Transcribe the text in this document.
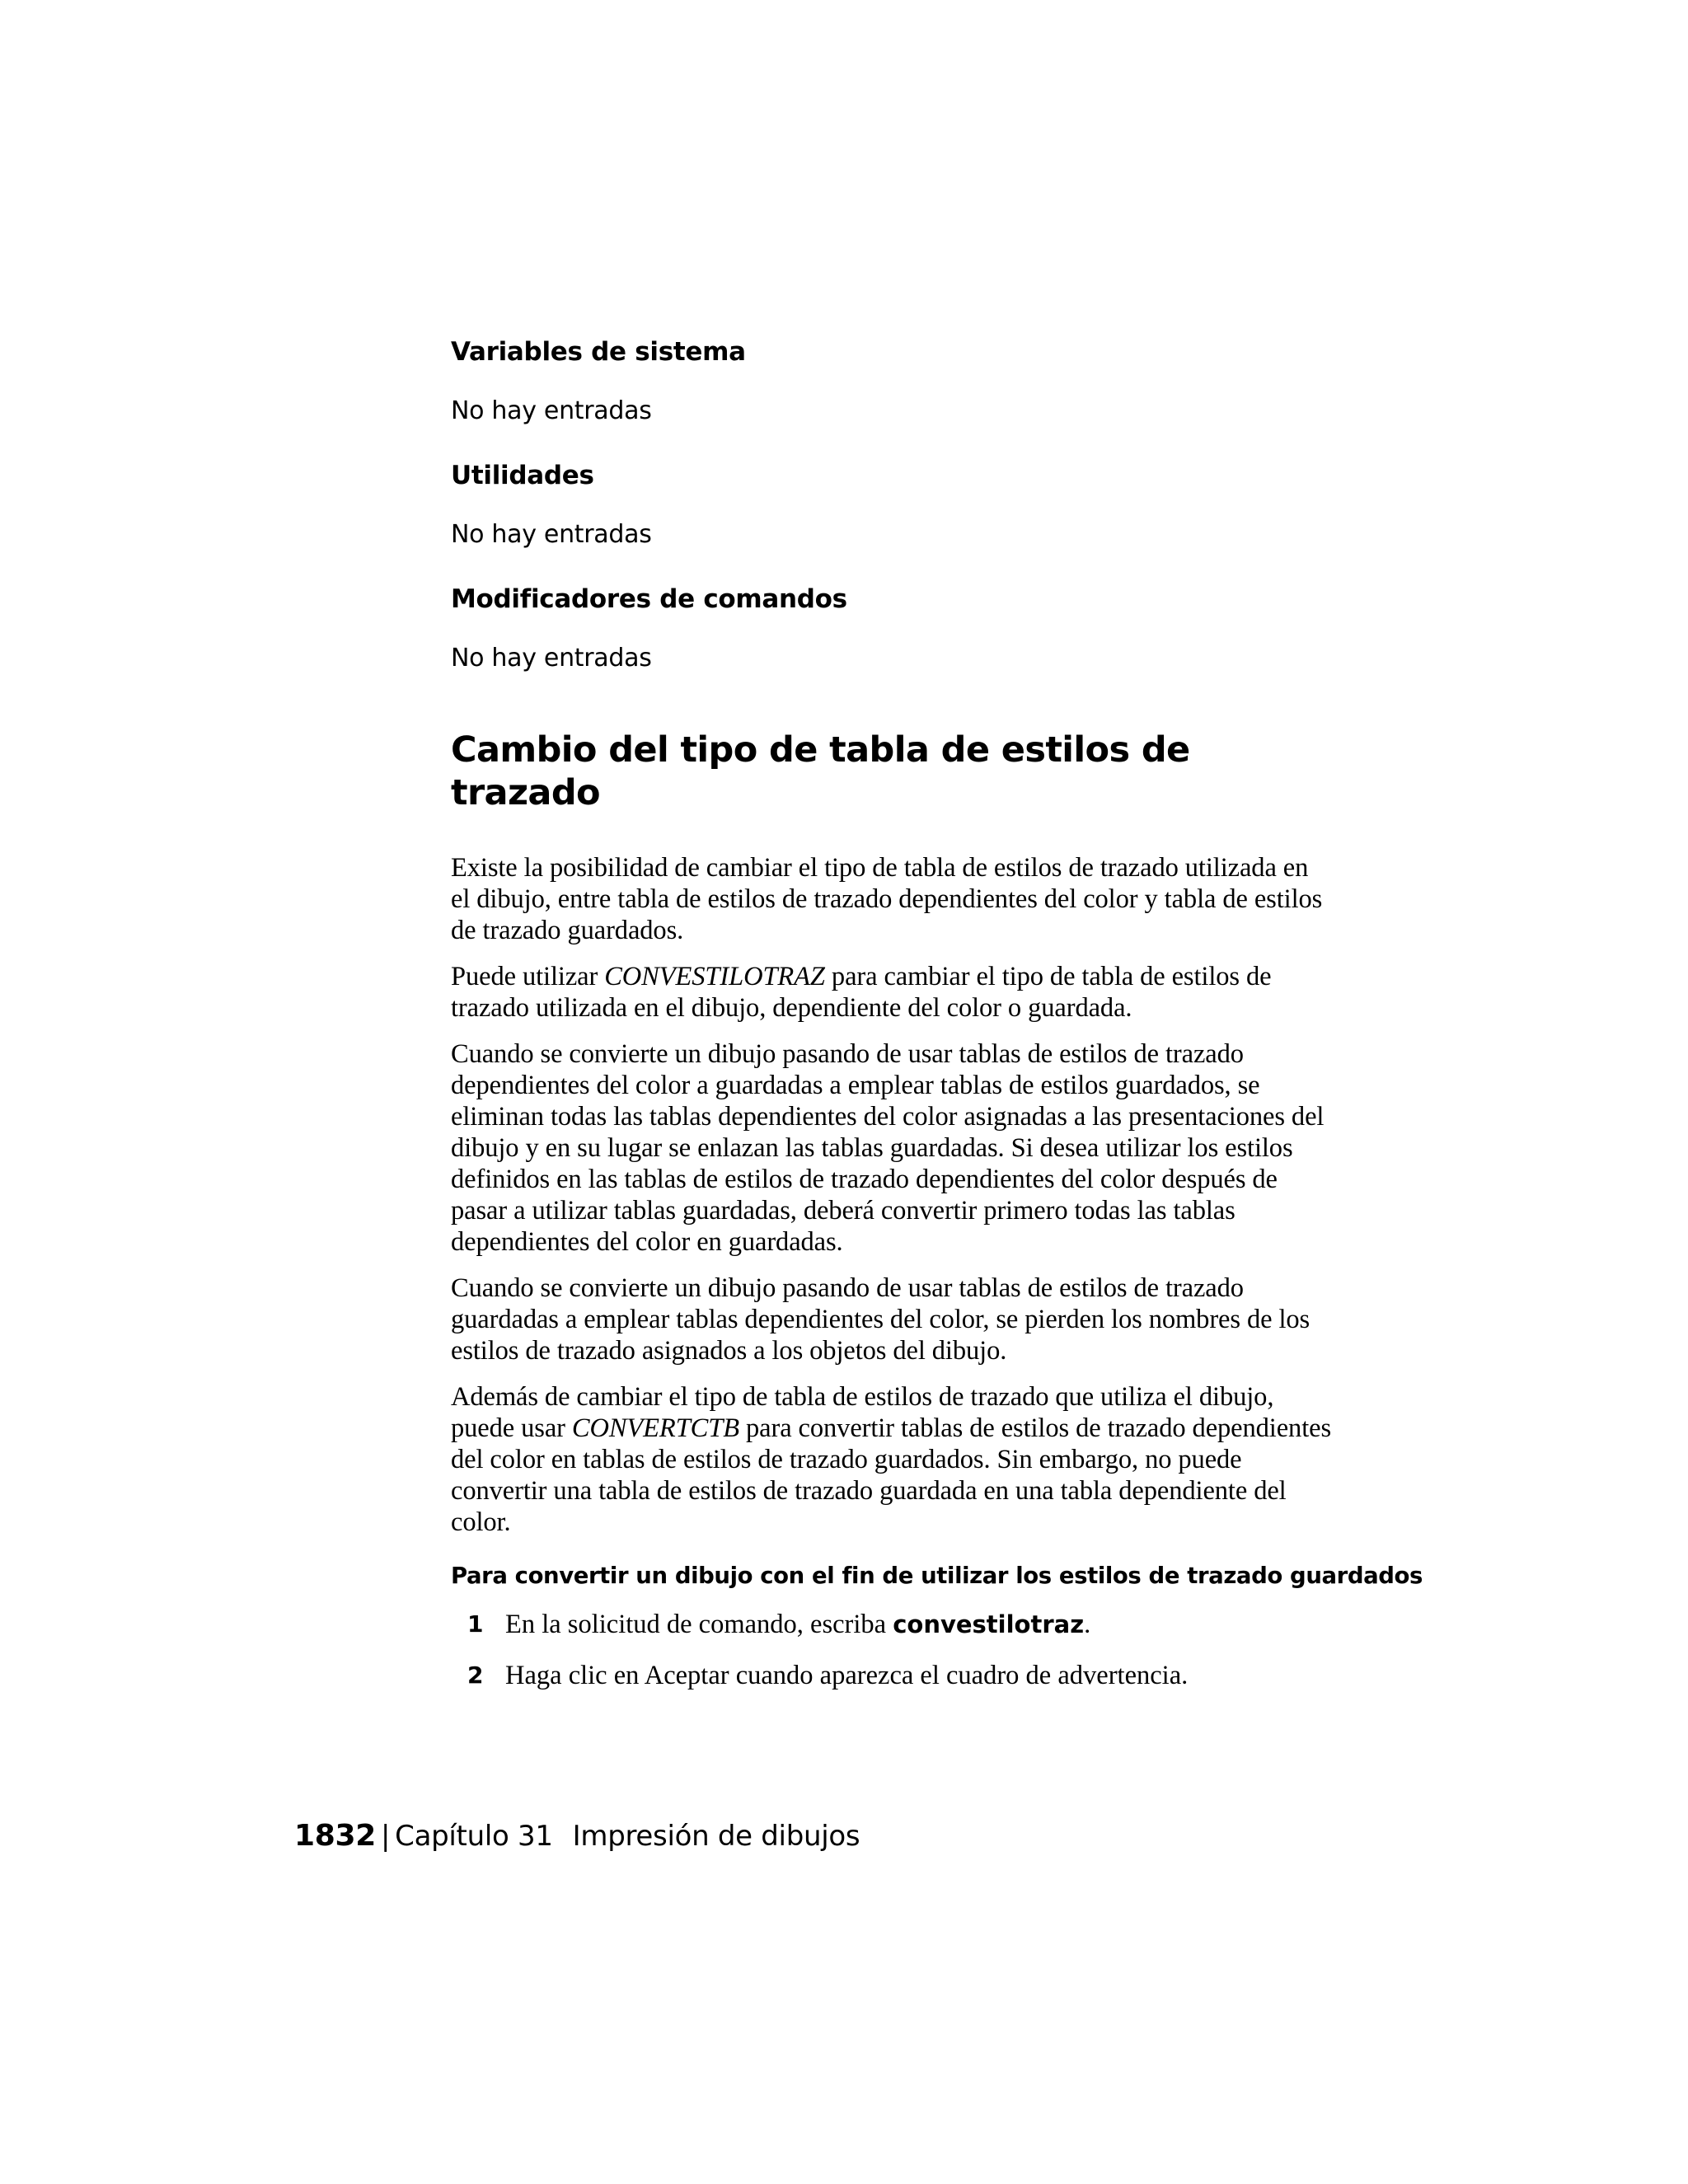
Variables de sistema

No hay entradas

Utilidades

No hay entradas

Modificadores de comandos

No hay entradas

Cambio del tipo de tabla de estilos de trazado

Existe la posibilidad de cambiar el tipo de tabla de estilos de trazado utilizada en el dibujo, entre tabla de estilos de trazado dependientes del color y tabla de estilos de trazado guardados.

Puede utilizar CONVESTILOTRAZ para cambiar el tipo de tabla de estilos de trazado utilizada en el dibujo, dependiente del color o guardada.

Cuando se convierte un dibujo pasando de usar tablas de estilos de trazado dependientes del color a guardadas a emplear tablas de estilos guardados, se eliminan todas las tablas dependientes del color asignadas a las presentaciones del dibujo y en su lugar se enlazan las tablas guardadas. Si desea utilizar los estilos definidos en las tablas de estilos de trazado dependientes del color después de pasar a utilizar tablas guardadas, deberá convertir primero todas las tablas dependientes del color en guardadas.

Cuando se convierte un dibujo pasando de usar tablas de estilos de trazado guardadas a emplear tablas dependientes del color, se pierden los nombres de los estilos de trazado asignados a los objetos del dibujo.

Además de cambiar el tipo de tabla de estilos de trazado que utiliza el dibujo, puede usar CONVERTCTB para convertir tablas de estilos de trazado dependientes del color en tablas de estilos de trazado guardados. Sin embargo, no puede convertir una tabla de estilos de trazado guardada en una tabla dependiente del color.

Para convertir un dibujo con el fin de utilizar los estilos de trazado guardados
1 En la solicitud de comando, escriba convestilotraz.
2 Haga clic en Aceptar cuando aparezca el cuadro de advertencia.
1832 | Capítulo 31 Impresión de dibujos
